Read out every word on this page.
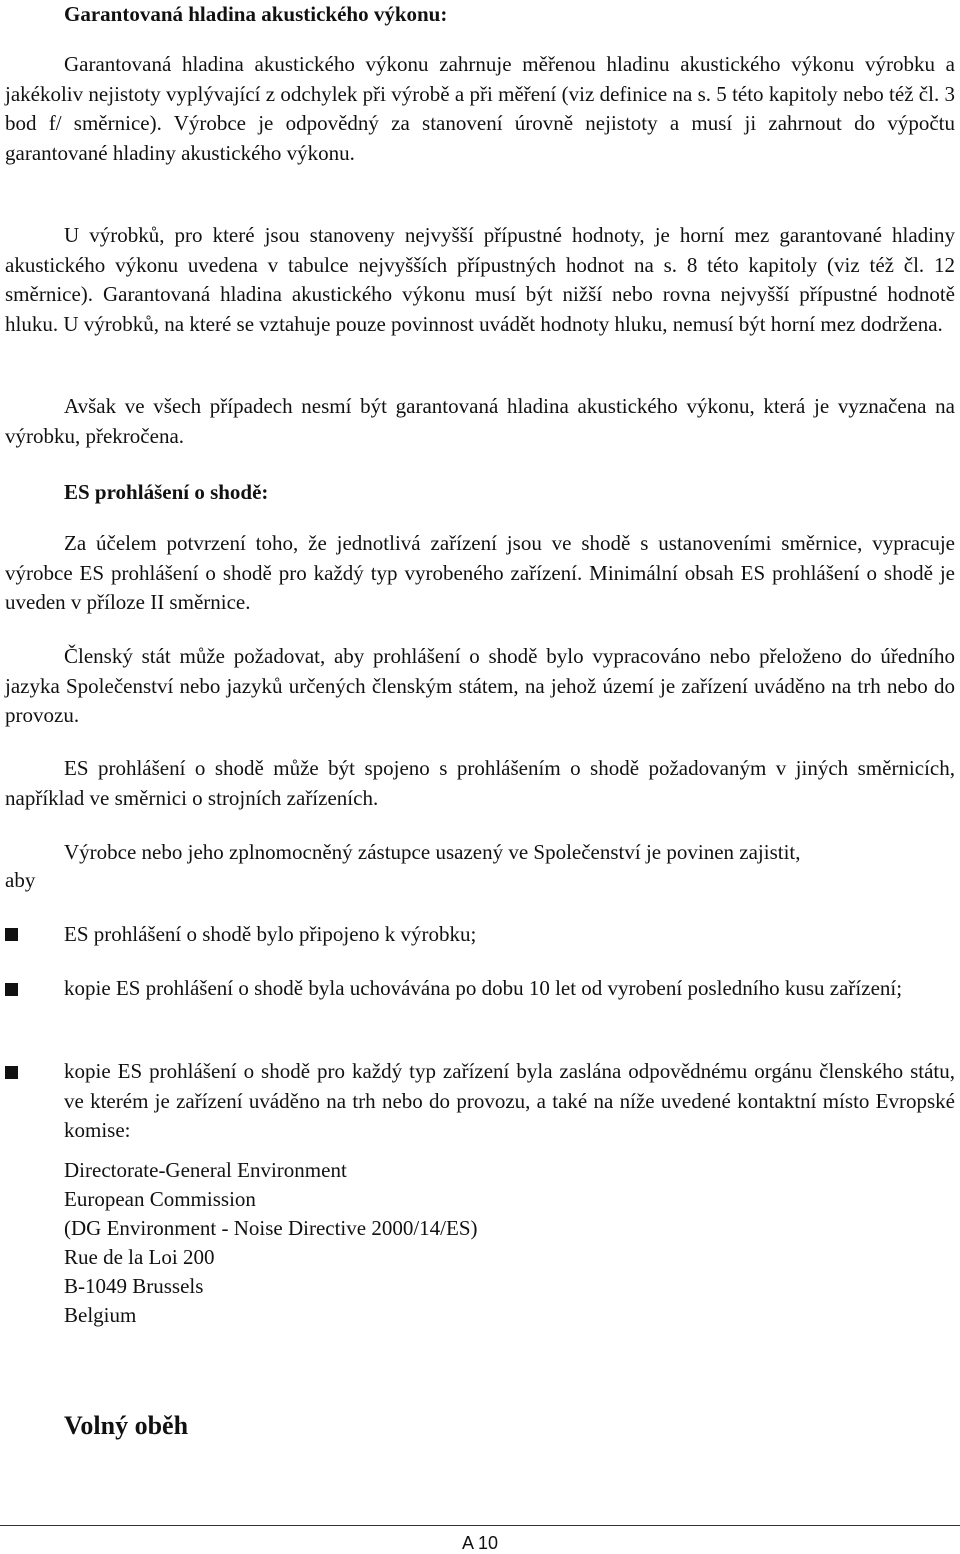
Garantovaná hladina akustického výkonu:

Garantovaná hladina akustického výkonu zahrnuje měřenou hladinu akustického výkonu výrobku a jakékoliv nejistoty vyplývající z odchylek při výrobě a při měření (viz definice na s. 5 této kapitoly nebo též čl. 3 bod f/ směrnice). Výrobce je odpovědný za stanovení úrovně nejistoty a musí ji zahrnout do výpočtu garantované hladiny akustického výkonu.

U výrobků, pro které jsou stanoveny nejvyšší přípustné hodnoty, je horní mez garantované hladiny akustického výkonu uvedena v tabulce nejvyšších přípustných hodnot na s. 8 této kapitoly (viz též čl. 12 směrnice). Garantovaná hladina akustického výkonu musí být nižší nebo rovna nejvyšší přípustné hodnotě hluku. U výrobků, na které se vztahuje pouze povinnost uvádět hodnoty hluku, nemusí být horní mez dodržena.

Avšak ve všech případech nesmí být garantovaná hladina akustického výkonu, která je vyznačena na výrobku, překročena.

ES prohlášení o shodě:

Za účelem potvrzení toho, že jednotlivá zařízení jsou ve shodě s ustanoveními směrnice, vypracuje výrobce ES prohlášení o shodě pro každý typ vyrobeného zařízení. Minimální obsah ES prohlášení o shodě je uveden v příloze II směrnice.

Členský stát může požadovat, aby prohlášení o shodě bylo vypracováno nebo přeloženo do úředního jazyka Společenství nebo jazyků určených členským státem, na jehož území je zařízení uváděno na trh nebo do provozu.

ES prohlášení o shodě může být spojeno s prohlášením o shodě požadovaným v jiných směrnicích, například ve směrnici o strojních zařízeních.

Výrobce nebo jeho zplnomocněný zástupce usazený ve Společenství je povinen zajistit,

aby

ES prohlášení o shodě bylo připojeno k výrobku;

kopie ES prohlášení o shodě byla uchovávána po dobu 10 let od vyrobení posledního kusu zařízení;

kopie ES prohlášení o shodě pro každý typ zařízení byla zaslána odpovědnému orgánu členského státu, ve kterém je zařízení uváděno na trh nebo do provozu, a také na níže uvedené kontaktní místo Evropské komise:

Directorate-General Environment
European Commission
(DG Environment - Noise Directive 2000/14/ES)
Rue de la Loi 200
B-1049 Brussels
Belgium
Volný oběh
A 10
